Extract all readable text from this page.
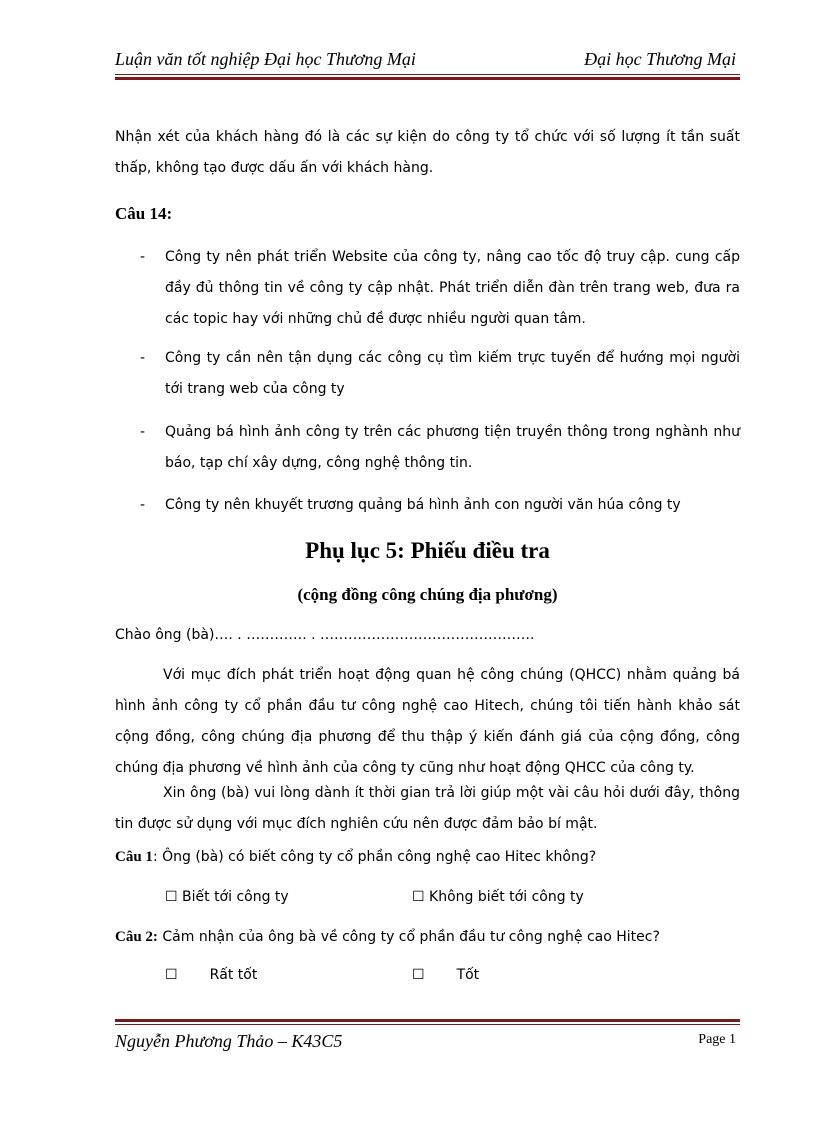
Luận văn tốt nghiệp Đại học Thương Mại	Đại học Thương Mại
Nhận xét của khách hàng đó là các sự kiện do công ty tổ chức với số lượng ít tần suất thấp, không tạo được dấu ấn với khách hàng.
Câu 14:
- Công ty nên phát triển Website của công ty, nâng cao tốc độ truy cập. cung cấp đầy đủ thông tin về công ty cập nhật. Phát triển diễn đàn trên trang web, đưa ra các topic hay với những chủ đề được nhiều người quan tâm.
- Công ty cần nên tận dụng các công cụ tìm kiếm trực tuyến để hướng mọi người tới trang web của công ty
- Quảng bá hình ảnh công ty trên các phương tiện truyền thông trong nghành như báo, tạp chí xây dựng, công nghệ thông tin.
- Công ty nên khuyết trương quảng bá hình ảnh con người văn húa công ty
Phụ lục 5: Phiếu điều tra
(cộng đồng công chúng địa phương)
Chào ông (bà)…. . …………. . ……………………………………….
Với mục đích phát triển hoạt động quan hệ công chúng (QHCC) nhằm quảng bá hình ảnh công ty cổ phần đầu tư công nghệ cao Hitech, chúng tôi tiến hành khảo sát cộng đồng, công chúng địa phương để thu thập ý kiến đánh giá của cộng đồng, công chúng địa phương về hình ảnh của công ty cũng như hoạt động QHCC của công ty.
Xin ông (bà) vui lòng dành ít thời gian trả lời giúp một vài câu hỏi dưới đây, thông tin được sử dụng với mục đích nghiên cứu nên được đảm bảo bí mật.
Câu 1: Ông (bà) có biết công ty cổ phần công nghệ cao Hitec không?
☐ Biết tới công ty	☐ Không biết tới công ty
Câu 2: Cảm nhận của ông bà về công ty cổ phần đầu tư công nghệ cao Hitec?
☐ Rất tốt	☐ Tốt
Nguyễn Phương Thảo – K43C5	Page 1
